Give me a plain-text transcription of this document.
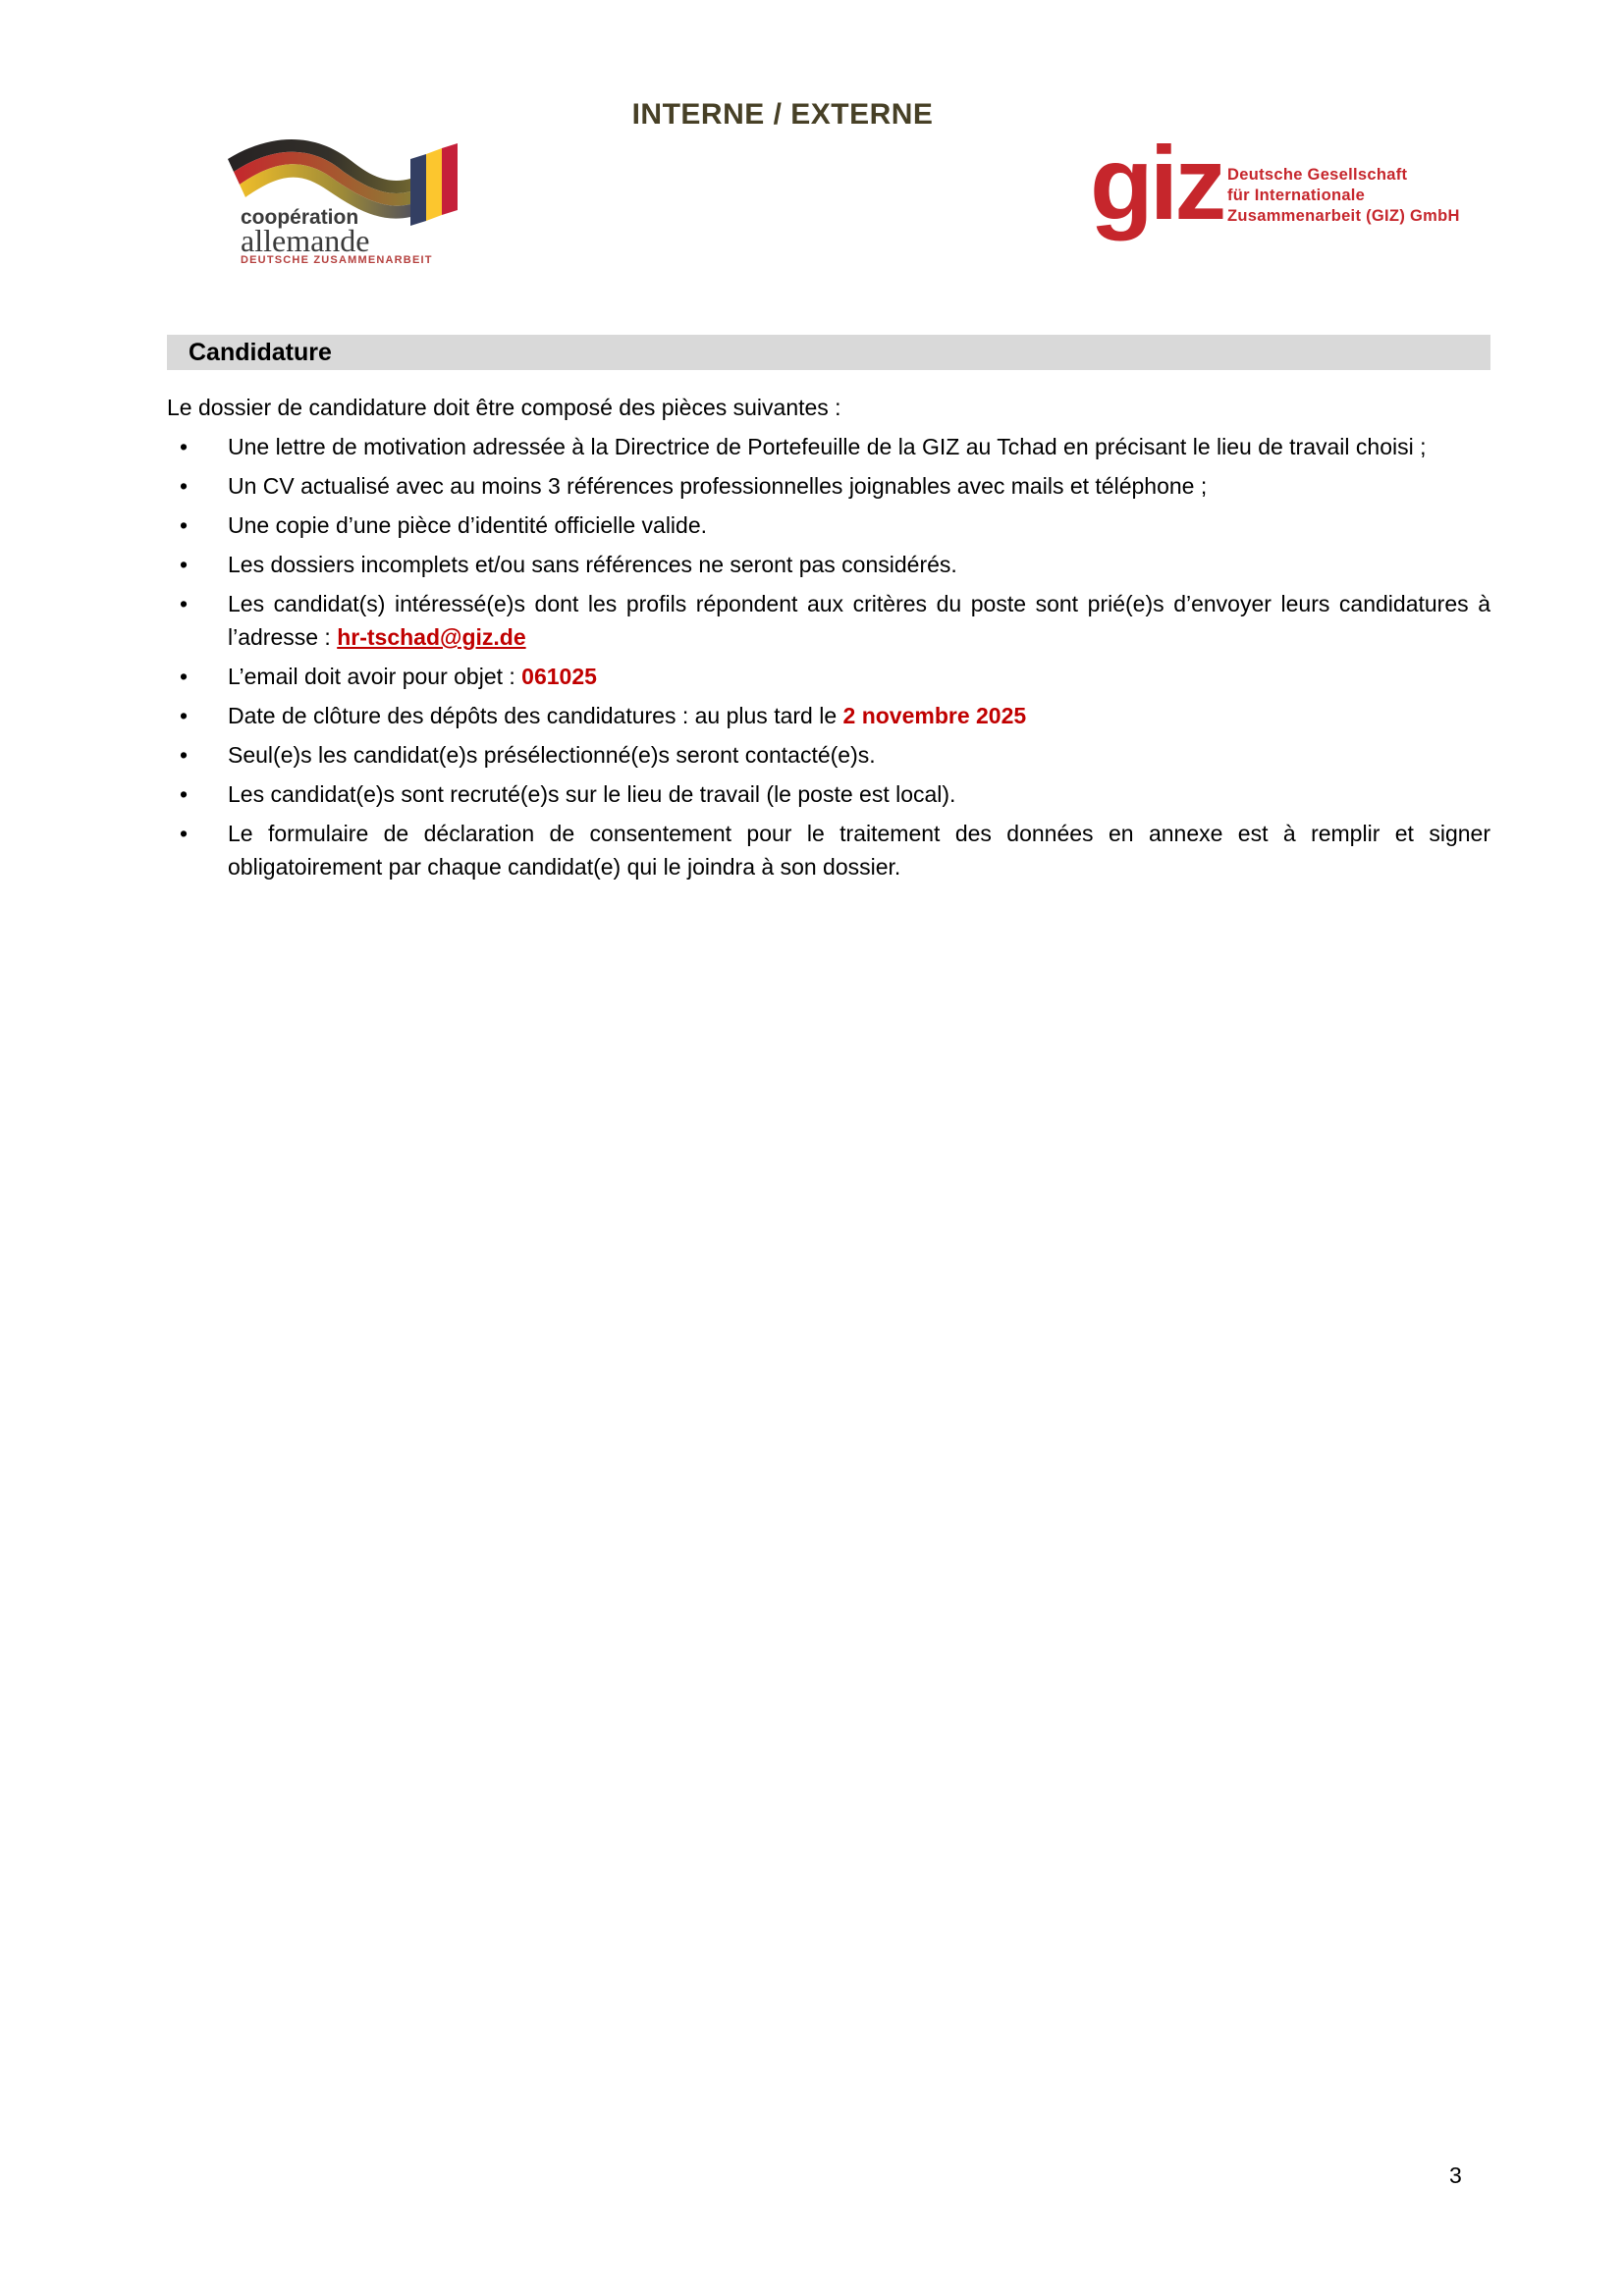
INTERNE / EXTERNE
coopération
allemande
DEUTSCHE ZUSAMMENARBEIT
giz Deutsche Gesellschaft
für Internationale
Zusammenarbeit (GIZ) GmbH
Candidature

Le dossier de candidature doit être composé des pièces suivantes :

• Une lettre de motivation adressée à la Directrice de Portefeuille de la GIZ au Tchad en précisant le lieu de travail choisi ;
• Un CV actualisé avec au moins 3 références professionnelles joignables avec mails et téléphone ;
• Une copie d’une pièce d’identité officielle valide.
• Les dossiers incomplets et/ou sans références ne seront pas considérés.
• Les candidat(s) intéressé(e)s dont les profils répondent aux critères du poste sont prié(e)s d’envoyer leurs candidatures à l’adresse : hr-tschad@giz.de
• L’email doit avoir pour objet : 061025
• Date de clôture des dépôts des candidatures : au plus tard le 2 novembre 2025
• Seul(e)s les candidat(e)s présélectionné(e)s seront contacté(e)s.
• Les candidat(e)s sont recruté(e)s sur le lieu de travail (le poste est local).
• Le formulaire de déclaration de consentement pour le traitement des données en annexe est à remplir et signer obligatoirement par chaque candidat(e) qui le joindra à son dossier.
3
